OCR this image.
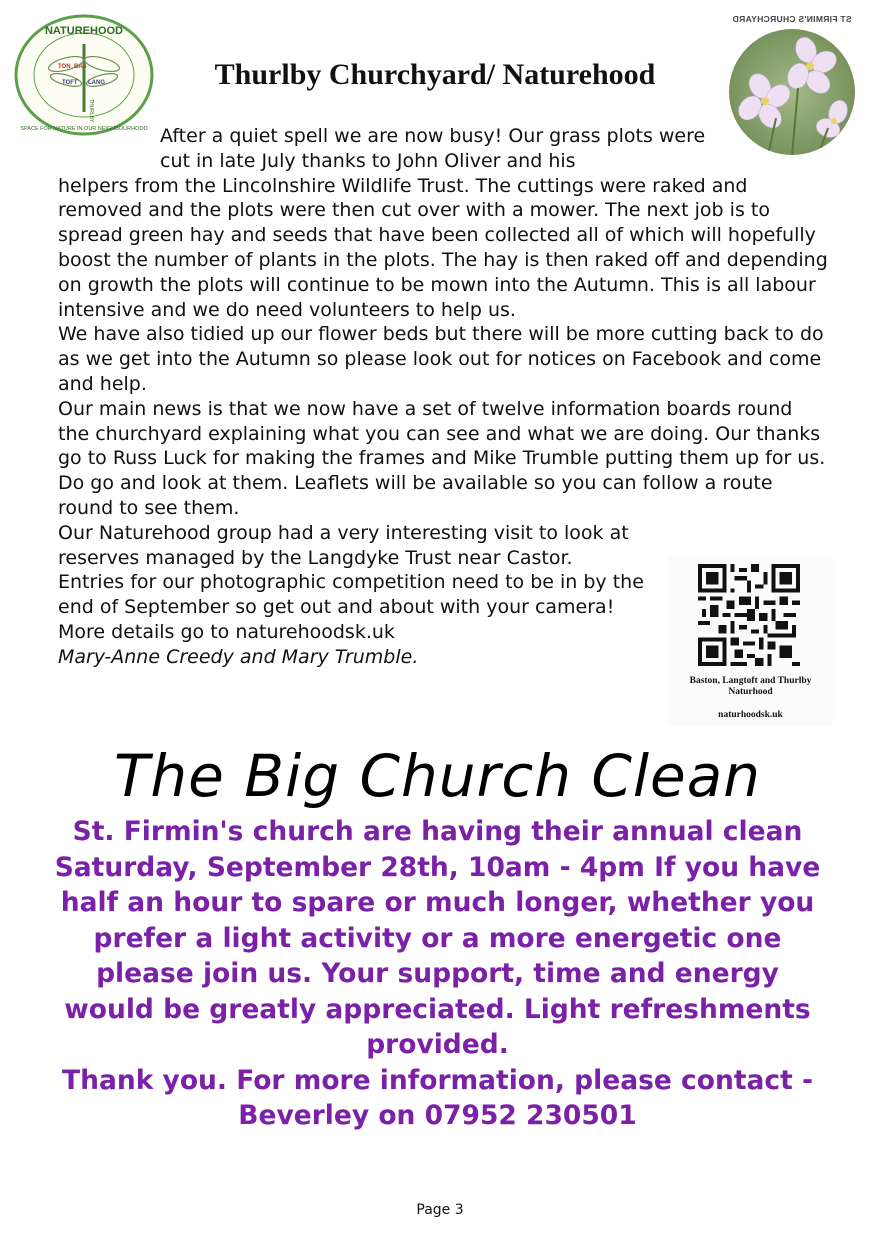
NATUREHOOD
SPACE FOR NATURE IN OUR NEIGHBOURHOOD
BAS
TON
LANG
TOFT
THURLBY
Thurlby Churchyard/ Naturehood
ST FIRMIN'S CHURCHYARD

After a quiet spell we are now busy! Our grass plots were cut in late July thanks to John Oliver and his

helpers from the Lincolnshire Wildlife Trust. The cuttings were raked and removed and the plots were then cut over with a mower. The next job is to spread green hay and seeds that have been collected all of which will hopefully boost the number of plants in the plots. The hay is then raked off and depending on growth the plots will continue to be mown into the Autumn. This is all labour intensive and we do need volunteers to help us.

We have also tidied up our flower beds but there will be more cutting back to do as we get into the Autumn so please look out for notices on Facebook and come and help.

Our main news is that we now have a set of twelve information boards round the churchyard explaining what you can see and what we are doing. Our thanks go to Russ Luck for making the frames and Mike Trumble putting them up for us. Do go and look at them. Leaflets will be available so you can follow a route round to see them.

Our Naturehood group had a very interesting visit to look at reserves managed by the Langdyke Trust near Castor.

Entries for our photographic competition need to be in by the end of September so get out and about with your camera! More details go to naturehoodsk.uk

Mary-Anne Creedy and Mary Trumble.

Baston, Langtoft and Thurlby Naturhood
naturhoodsk.uk
The Big Church Clean

St. Firmin's church are having their annual clean Saturday, September 28th, 10am - 4pm If you have half an hour to spare or much longer, whether you prefer a light activity or a more energetic one please join us. Your support, time and energy would be greatly appreciated. Light refreshments provided.

Thank you. For more information, please contact - Beverley on 07952 230501

Page 3
